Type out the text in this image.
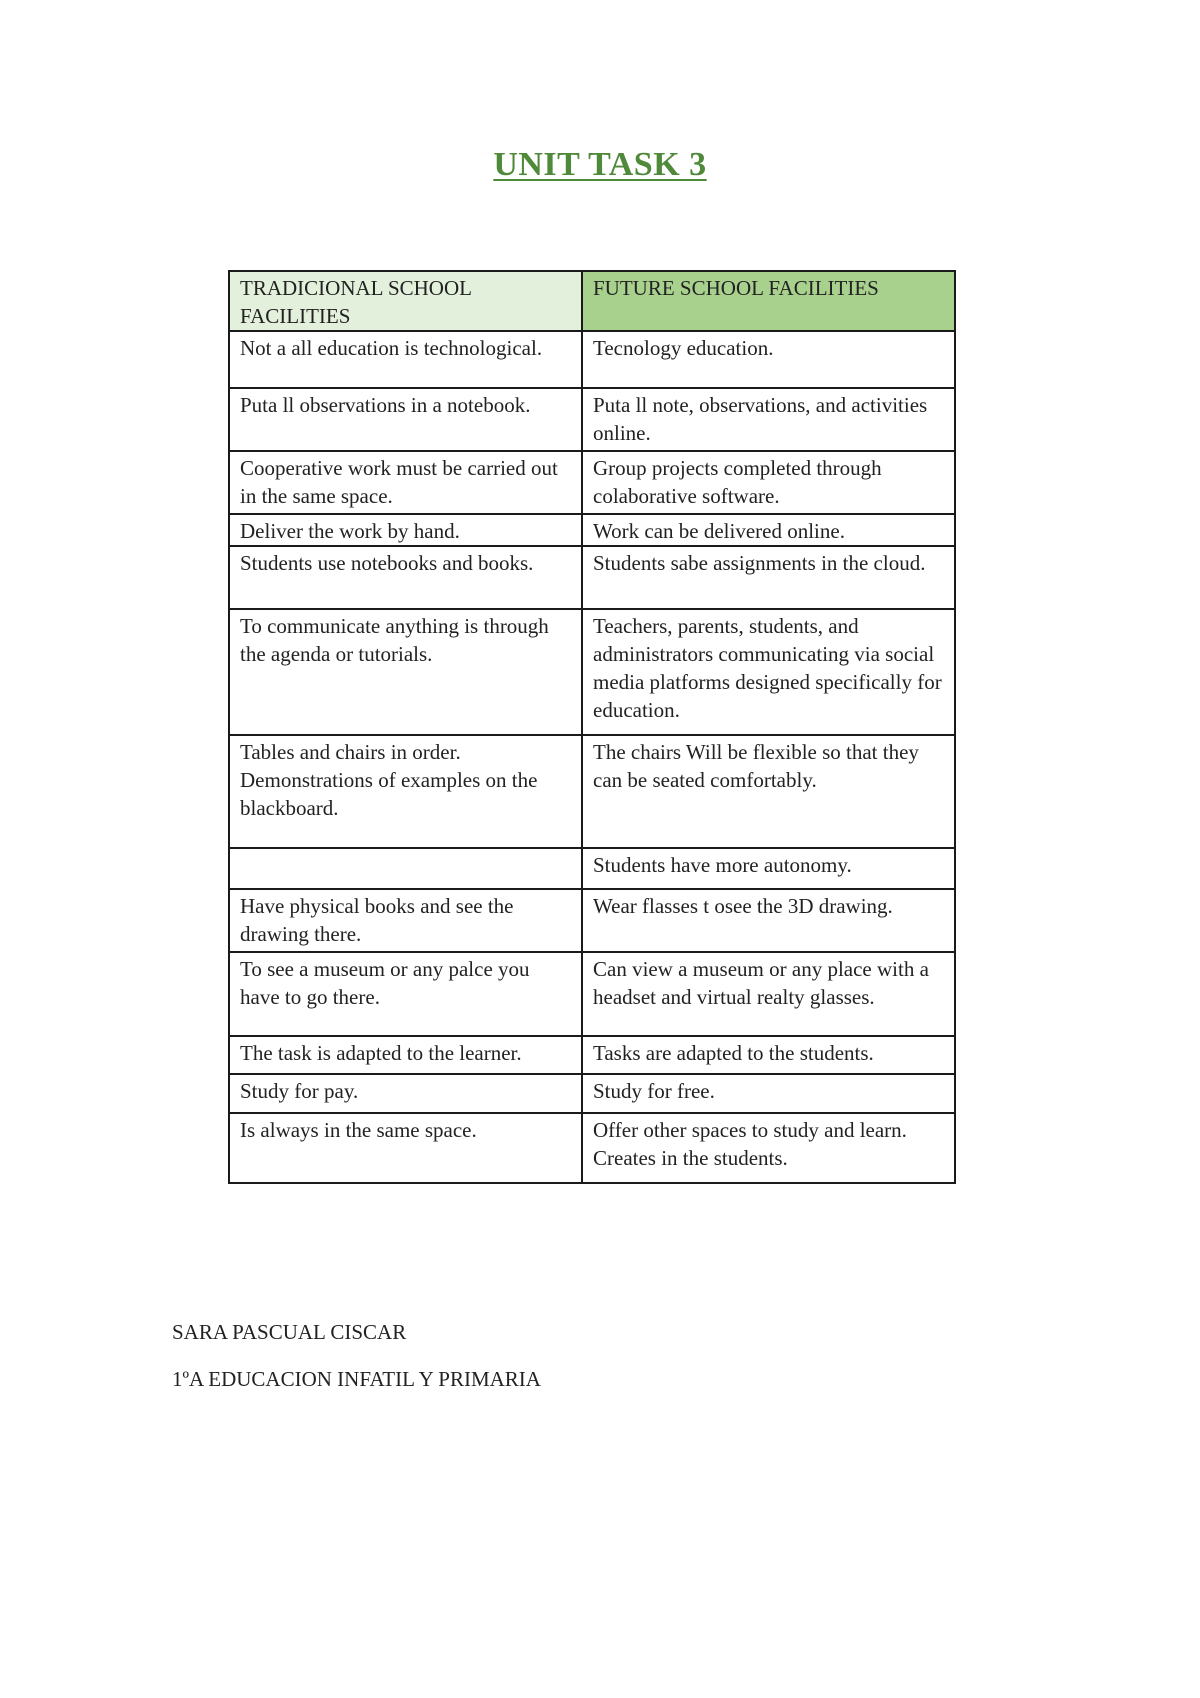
UNIT TASK 3
TRADICIONAL SCHOOL FACILITIES	FUTURE SCHOOL FACILITIES
Not a all education is technological.	Tecnology education.
Puta ll observations in a notebook.	Puta ll note, observations, and activities online.
Cooperative work must be carried out in the same space.	Group projects completed through colaborative software.
Deliver the work by hand.	Work can be delivered online.
Students use notebooks and books.	Students sabe assignments in the cloud.
To communicate anything is through the agenda or tutorials.	Teachers, parents, students, and administrators communicating via social media platforms designed specifically for education.
Tables and chairs in order. Demonstrations of examples on the blackboard.	The chairs Will be flexible so that they can be seated comfortably.
	Students have more autonomy.
Have physical books and see the drawing there.	Wear flasses t osee the 3D drawing.
To see a museum or any palce you have to go there.	Can view a museum or any place with a headset and virtual realty glasses.
The task is adapted to the learner.	Tasks are adapted to the students.
Study for pay.	Study for free.
Is always in the same space.	Offer other spaces to study and learn. Creates in the students.

SARA PASCUAL CISCAR

1ºA EDUCACION INFATIL Y PRIMARIA
